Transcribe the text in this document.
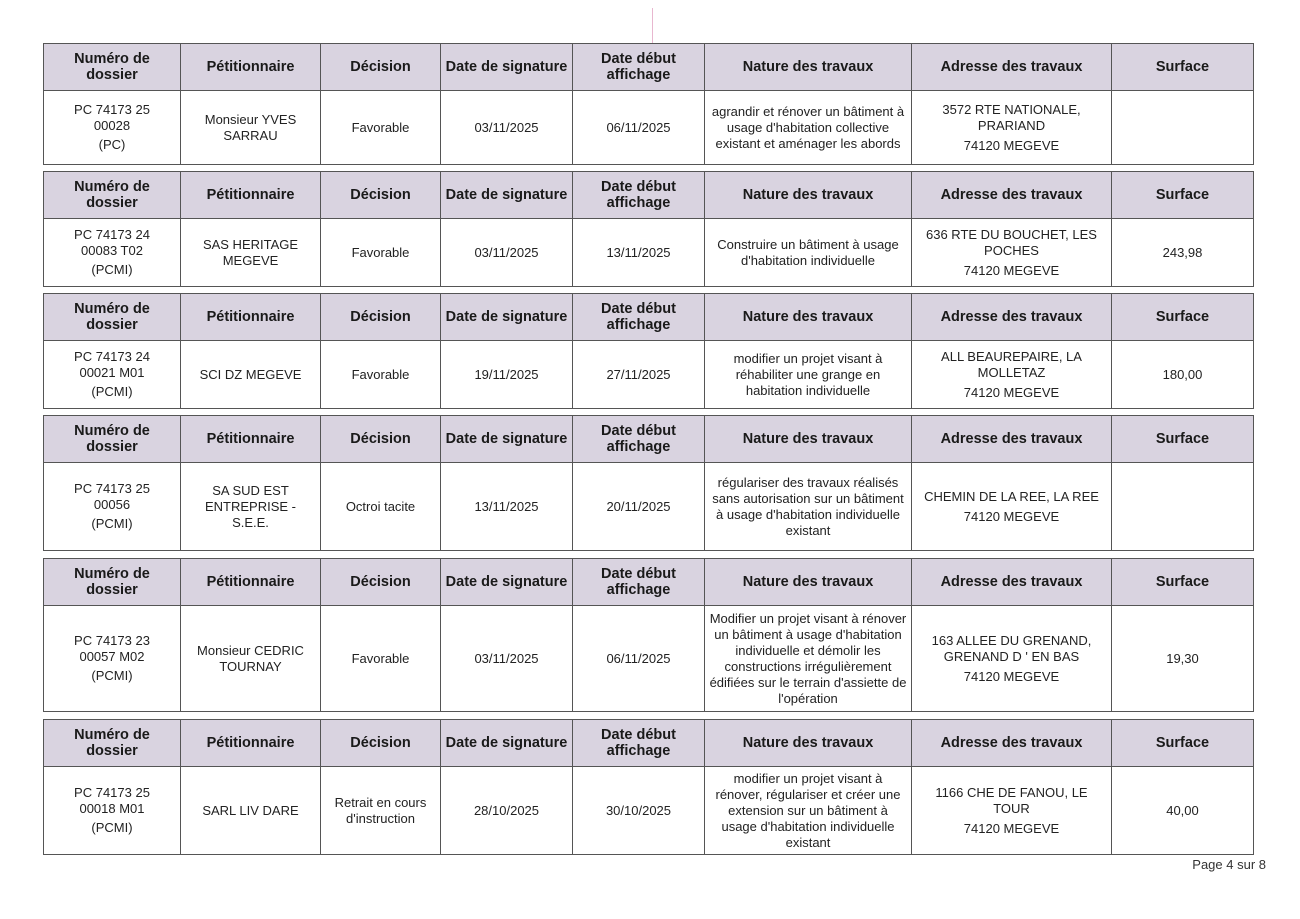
Numéro de dossier	Pétitionnaire	Décision	Date de signature	Date début affichage	Nature des travaux	Adresse des travaux	Surface

PC 74173 25
00028
(PC)	Monsieur YVES SARRAU	Favorable	03/11/2025	06/11/2025	agrandir et rénover un bâtiment à usage d'habitation collective existant et aménager les abords	3572 RTE NATIONALE, PRARIAND
74120 MEGEVE	

Numéro de dossier	Pétitionnaire	Décision	Date de signature	Date début affichage	Nature des travaux	Adresse des travaux	Surface

PC 74173 24
00083 T02
(PCMI)	SAS HERITAGE MEGEVE	Favorable	03/11/2025	13/11/2025	Construire un bâtiment à usage d'habitation individuelle	636 RTE DU BOUCHET, LES POCHES
74120 MEGEVE	243,98
Numéro de dossier	Pétitionnaire	Décision	Date de signature	Date début affichage	Nature des travaux	Adresse des travaux	Surface

PC 74173 24
00021 M01
(PCMI)	SCI DZ MEGEVE	Favorable	19/11/2025	27/11/2025	modifier un projet visant à réhabiliter une grange en habitation individuelle	ALL BEAUREPAIRE, LA MOLLETAZ
74120 MEGEVE	180,00
Numéro de dossier	Pétitionnaire	Décision	Date de signature	Date début affichage	Nature des travaux	Adresse des travaux	Surface

PC 74173 25
00056
(PCMI)	SA SUD EST ENTREPRISE - S.E.E.	Octroi tacite	13/11/2025	20/11/2025	régulariser des travaux réalisés sans autorisation sur un bâtiment à usage d'habitation individuelle existant	CHEMIN DE LA REE, LA REE
74120 MEGEVE	

Numéro de dossier	Pétitionnaire	Décision	Date de signature	Date début affichage	Nature des travaux	Adresse des travaux	Surface

PC 74173 23
00057 M02
(PCMI)	Monsieur CEDRIC TOURNAY	Favorable	03/11/2025	06/11/2025	Modifier un projet visant à rénover un bâtiment à usage d'habitation individuelle et démolir les constructions irrégulièrement édifiées sur le terrain d'assiette de l'opération	163 ALLEE DU GRENAND, GRENAND D ' EN BAS
74120 MEGEVE	19,30
Numéro de dossier	Pétitionnaire	Décision	Date de signature	Date début affichage	Nature des travaux	Adresse des travaux	Surface

PC 74173 25
00018 M01
(PCMI)	SARL LIV DARE	Retrait en cours d'instruction	28/10/2025	30/10/2025	modifier un projet visant à rénover, régulariser et créer une extension sur un bâtiment à usage d'habitation individuelle existant	1166 CHE DE FANOU, LE TOUR
74120 MEGEVE	40,00
Page 4 sur 8
